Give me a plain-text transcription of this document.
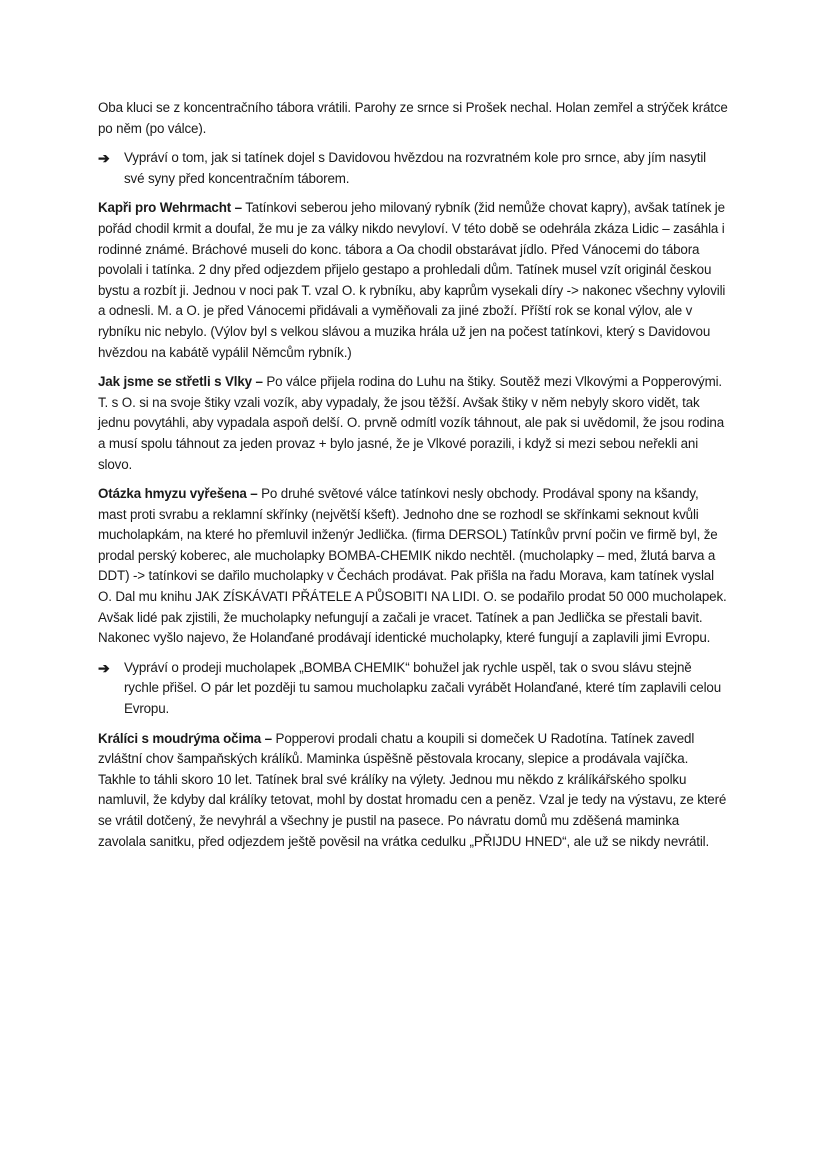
Oba kluci se z koncentračního tábora vrátili. Parohy ze srnce si Prošek nechal. Holan zemřel a strýček krátce po něm (po válce).

➔	Vypráví o tom, jak si tatínek dojel s Davidovou hvězdou na rozvratném kole pro srnce, aby jím nasytil své syny před koncentračním táborem.

Kapři pro Wehrmacht – Tatínkovi seberou jeho milovaný rybník (žid nemůže chovat kapry), avšak tatínek je pořád chodil krmit a doufal, že mu je za války nikdo nevyloví. V této době se odehrála zkáza Lidic – zasáhla i rodinné známé. Bráchové museli do konc. tábora a Oa chodil obstarávat jídlo. Před Vánocemi do tábora povolali i tatínka. 2 dny před odjezdem přijelo gestapo a prohledali dům. Tatínek musel vzít originál českou bystu a rozbít ji. Jednou v noci pak T. vzal O. k rybníku, aby kaprům vysekali díry -> nakonec všechny vylovili a odnesli. M. a O. je před Vánocemi přidávali a vyměňovali za jiné zboží. Příští rok se konal výlov, ale v rybníku nic nebylo. (Výlov byl s velkou slávou a muzika hrála už jen na počest tatínkovi, který s Davidovou hvězdou na kabátě vypálil Němcům rybník.)

Jak jsme se střetli s Vlky – Po válce přijela rodina do Luhu na štiky. Soutěž mezi Vlkovými a Popperovými. T. s O. si na svoje štiky vzali vozík, aby vypadaly, že jsou těžší. Avšak štiky v něm nebyly skoro vidět, tak jednu povytáhli, aby vypadala aspoň delší. O. prvně odmítl vozík táhnout, ale pak si uvědomil, že jsou rodina a musí spolu táhnout za jeden provaz + bylo jasné, že je Vlkové porazili, i když si mezi sebou neřekli ani slovo.

Otázka hmyzu vyřešena – Po druhé světové válce tatínkovi nesly obchody. Prodával spony na kšandy, mast proti svrabu a reklamní skřínky (největší kšeft). Jednoho dne se rozhodl se skřínkami seknout kvůli mucholapkám, na které ho přemluvil inženýr Jedlička. (firma DERSOL) Tatínkův první počin ve firmě byl, že prodal perský koberec, ale mucholapky BOMBA-CHEMIK nikdo nechtěl. (mucholapky – med, žlutá barva a DDT) -> tatínkovi se dařilo mucholapky v Čechách prodávat. Pak přišla na řadu Morava, kam tatínek vyslal O. Dal mu knihu JAK ZÍSKÁVATI PŘÁTELE A PŮSOBITI NA LIDI. O. se podařilo prodat 50 000 mucholapek. Avšak lidé pak zjistili, že mucholapky nefungují a začali je vracet. Tatínek a pan Jedlička se přestali bavit. Nakonec vyšlo najevo, že Holanďané prodávají identické mucholapky, které fungují a zaplavili jimi Evropu.

➔	Vypráví o prodeji mucholapek „BOMBA CHEMIK“ bohužel jak rychle uspěl, tak o svou slávu stejně rychle přišel. O pár let později tu samou mucholapku začali vyrábět Holanďané, které tím zaplavili celou Evropu.

Králíci s moudrýma očima – Popperovi prodali chatu a koupili si domeček U Radotína. Tatínek zavedl zvláštní chov šampaňských králíků. Maminka úspěšně pěstovala krocany, slepice a prodávala vajíčka. Takhle to táhli skoro 10 let. Tatínek bral své králíky na výlety. Jednou mu někdo z králíkářského spolku namluvil, že kdyby dal králíky tetovat, mohl by dostat hromadu cen a peněz. Vzal je tedy na výstavu, ze které se vrátil dotčený, že nevyhrál a všechny je pustil na pasece. Po návratu domů mu zděšená maminka zavolala sanitku, před odjezdem ještě pověsil na vrátka cedulku „PŘIJDU HNED“, ale už se nikdy nevrátil.
